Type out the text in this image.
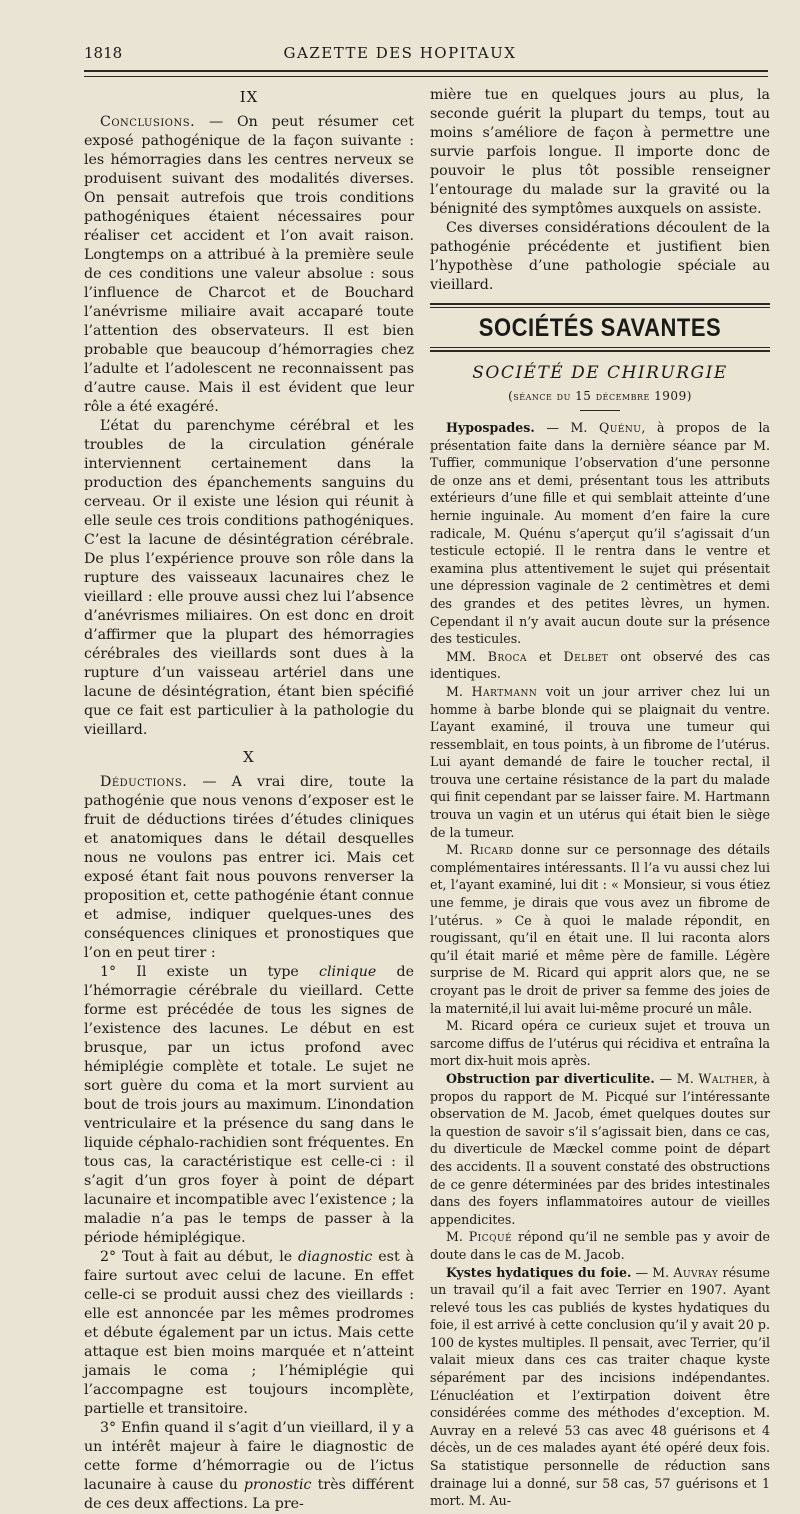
1818	GAZETTE DES HOPITAUX
IX

Conclusions. — On peut résumer cet exposé pathogénique de la façon suivante : les hémorragies dans les centres nerveux se produisent suivant des modalités diverses. On pensait autrefois que trois conditions pathogéniques étaient nécessaires pour réaliser cet accident et l’on avait raison. Longtemps on a attribué à la première seule de ces conditions une valeur absolue : sous l’influence de Charcot et de Bouchard l’anévrisme miliaire avait accaparé toute l’attention des observateurs. Il est bien probable que beaucoup d’hémorragies chez l’adulte et l’adolescent ne reconnaissent pas d’autre cause. Mais il est évident que leur rôle a été exagéré.

L’état du parenchyme cérébral et les troubles de la circulation générale interviennent certainement dans la production des épanchements sanguins du cerveau. Or il existe une lésion qui réunit à elle seule ces trois conditions pathogéniques. C’est la lacune de désintégration cérébrale. De plus l’expérience prouve son rôle dans la rupture des vaisseaux lacunaires chez le vieillard : elle prouve aussi chez lui l’absence d’anévrismes miliaires. On est donc en droit d’affirmer que la plupart des hémorragies cérébrales des vieillards sont dues à la rupture d’un vaisseau artériel dans une lacune de désintégration, étant bien spécifié que ce fait est particulier à la pathologie du vieillard.

X

Déductions. — A vrai dire, toute la pathogénie que nous venons d’exposer est le fruit de déductions tirées d’études cliniques et anatomiques dans le détail desquelles nous ne voulons pas entrer ici. Mais cet exposé étant fait nous pouvons renverser la proposition et, cette pathogénie étant connue et admise, indiquer quelques-unes des conséquences cliniques et pronostiques que l’on en peut tirer :

1° Il existe un type clinique de l’hémorragie cérébrale du vieillard. Cette forme est précédée de tous les signes de l’existence des lacunes. Le début en est brusque, par un ictus profond avec hémiplégie complète et totale. Le sujet ne sort guère du coma et la mort survient au bout de trois jours au maximum. L’inondation ventriculaire et la présence du sang dans le liquide céphalo-rachidien sont fréquentes. En tous cas, la caractéristique est celle-ci : il s’agit d’un gros foyer à point de départ lacunaire et incompatible avec l’existence ; la maladie n’a pas le temps de passer à la période hémiplégique.

2° Tout à fait au début, le diagnostic est à faire surtout avec celui de lacune. En effet celle-ci se produit aussi chez des vieillards : elle est annoncée par les mêmes prodromes et débute également par un ictus. Mais cette attaque est bien moins marquée et n’atteint jamais le coma ; l’hémiplégie qui l’accompagne est toujours incomplète, partielle et transitoire.

3° Enfin quand il s’agit d’un vieillard, il y a un intérêt majeur à faire le diagnostic de cette forme d’hémorragie ou de l’ictus lacunaire à cause du pronostic très différent de ces deux affections. La pre-

mière tue en quelques jours au plus, la seconde guérit la plupart du temps, tout au moins s’améliore de façon à permettre une survie parfois longue. Il importe donc de pouvoir le plus tôt possible renseigner l’entourage du malade sur la gravité ou la bénignité des symptômes auxquels on assiste.

Ces diverses considérations découlent de la pathogénie précédente et justifient bien l’hypothèse d’une pathologie spéciale au vieillard.

SOCIÉTÉS SAVANTES
SOCIÉTÉ DE CHIRURGIE
(séance du 15 décembre 1909)

Hypospades. — M. Quénu, à propos de la présentation faite dans la dernière séance par M. Tuffier, communique l’observation d’une personne de onze ans et demi, présentant tous les attributs extérieurs d’une fille et qui semblait atteinte d’une hernie inguinale. Au moment d’en faire la cure radicale, M. Quénu s’aperçut qu’il s’agissait d’un testicule ectopié. Il le rentra dans le ventre et examina plus attentivement le sujet qui présentait une dépression vaginale de 2 centimètres et demi des grandes et des petites lèvres, un hymen. Cependant il n’y avait aucun doute sur la présence des testicules.

MM. Broca et Delbet ont observé des cas identiques.

M. Hartmann voit un jour arriver chez lui un homme à barbe blonde qui se plaignait du ventre. L’ayant examiné, il trouva une tumeur qui ressemblait, en tous points, à un fibrome de l’utérus. Lui ayant demandé de faire le toucher rectal, il trouva une certaine résistance de la part du malade qui finit cependant par se laisser faire. M. Hartmann trouva un vagin et un utérus qui était bien le siège de la tumeur.

M. Ricard donne sur ce personnage des détails complémentaires intéressants. Il l’a vu aussi chez lui et, l’ayant examiné, lui dit : « Monsieur, si vous étiez une femme, je dirais que vous avez un fibrome de l’utérus. » Ce à quoi le malade répondit, en rougissant, qu’il en était une. Il lui raconta alors qu’il était marié et même père de famille. Légère surprise de M. Ricard qui apprit alors que, ne se croyant pas le droit de priver sa femme des joies de la maternité,il lui avait lui-même procuré un mâle.

M. Ricard opéra ce curieux sujet et trouva un sarcome diffus de l’utérus qui récidiva et entraîna la mort dix-huit mois après.

Obstruction par diverticulite. — M. Walther, à propos du rapport de M. Picqué sur l’intéressante observation de M. Jacob, émet quelques doutes sur la question de savoir s’il s’agissait bien, dans ce cas, du diverticule de Mæckel comme point de départ des accidents. Il a souvent constaté des obstructions de ce genre déterminées par des brides intestinales dans des foyers inflammatoires autour de vieilles appendicites.

M. Picqué répond qu’il ne semble pas y avoir de doute dans le cas de M. Jacob.

Kystes hydatiques du foie. — M. Auvray résume un travail qu’il a fait avec Terrier en 1907. Ayant relevé tous les cas publiés de kystes hydatiques du foie, il est arrivé à cette conclusion qu’il y avait 20 p. 100 de kystes multiples. Il pensait, avec Terrier, qu’il valait mieux dans ces cas traiter chaque kyste séparément par des incisions indépendantes. L’énucléation et l’extirpation doivent être considérées comme des méthodes d’exception. M. Auvray en a relevé 53 cas avec 48 guérisons et 4 décès, un de ces malades ayant été opéré deux fois. Sa statistique personnelle de réduction sans drainage lui a donné, sur 58 cas, 57 guérisons et 1 mort. M. Au-
